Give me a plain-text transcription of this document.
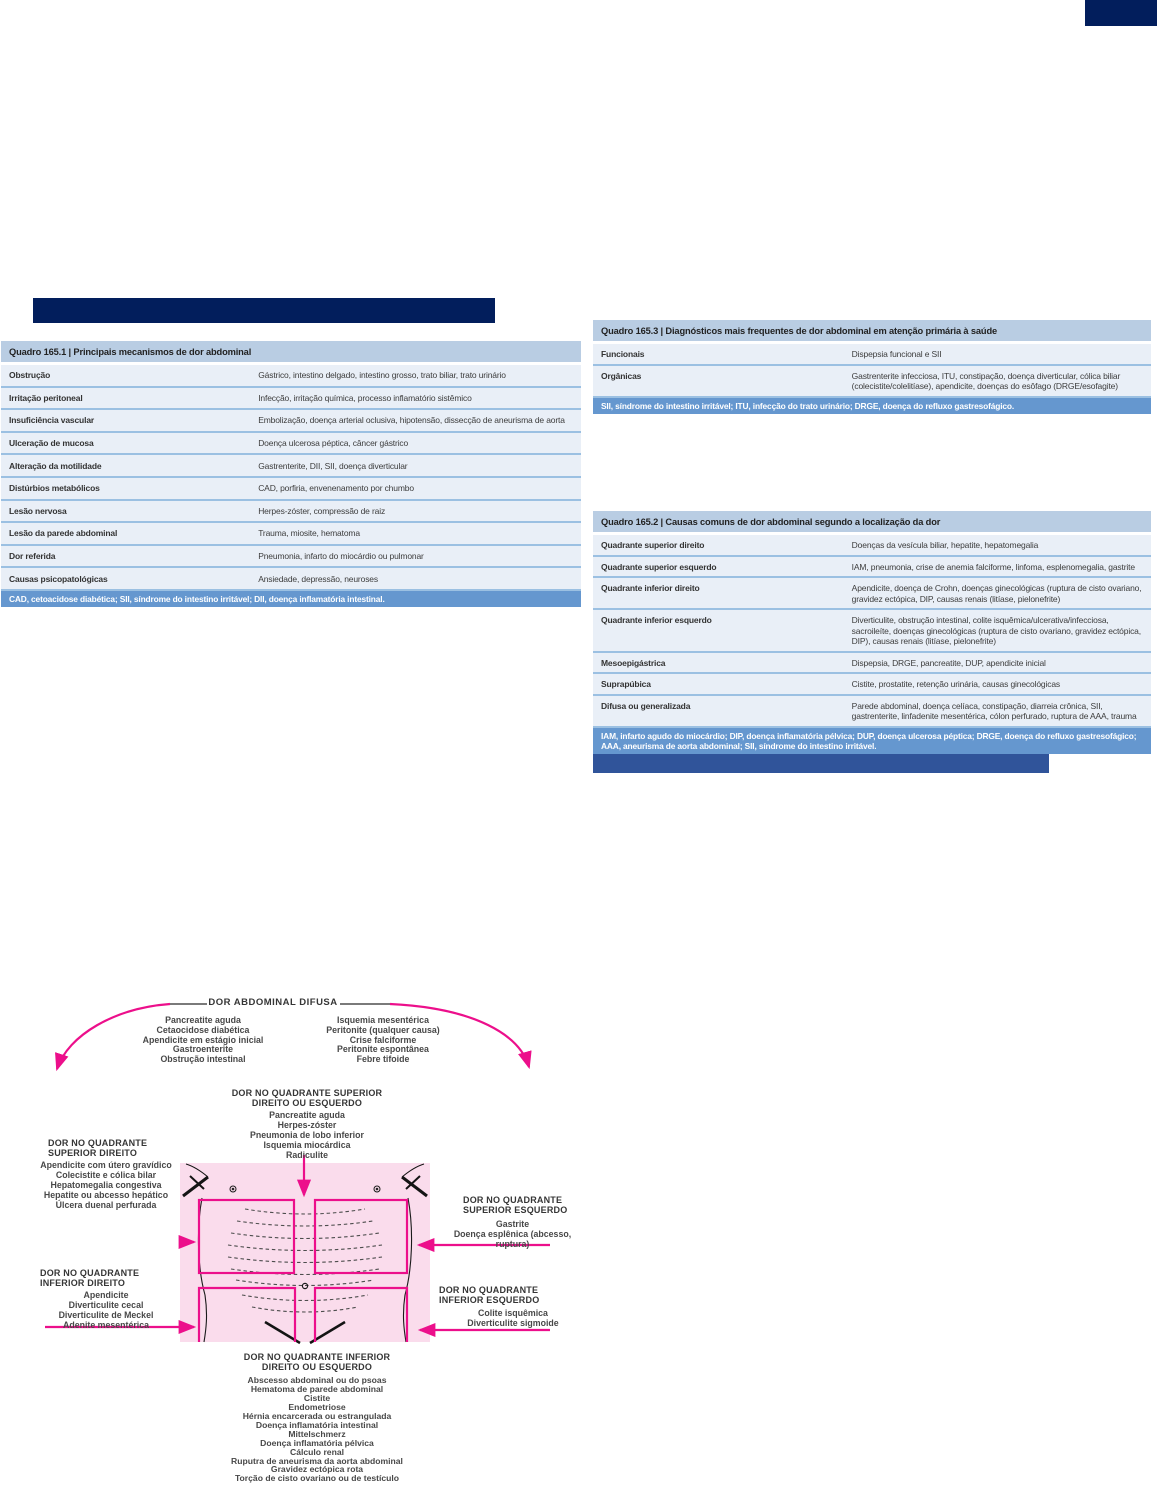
Quadro 165.1 | Principais mecanismos de dor abdominal
Obstrução	Gástrico, intestino delgado, intestino grosso, trato biliar, trato urinário
Irritação peritoneal	Infecção, irritação química, processo inflamatório sistêmico
Insuficiência vascular	Embolização, doença arterial oclusiva, hipotensão, dissecção de aneurisma de aorta
Ulceração de mucosa	Doença ulcerosa péptica, câncer gástrico
Alteração da motilidade	Gastrenterite, DII, SII, doença diverticular
Distúrbios metabólicos	CAD, porfiria, envenenamento por chumbo
Lesão nervosa	Herpes-zóster, compressão de raiz
Lesão da parede abdominal	Trauma, miosite, hematoma
Dor referida	Pneumonia, infarto do miocárdio ou pulmonar
Causas psicopatológicas	Ansiedade, depressão, neuroses
CAD, cetoacidose diabética; SII, síndrome do intestino irritável; DII, doença inflamatória intestinal.
Quadro 165.3 | Diagnósticos mais frequentes de dor abdominal em atenção primária à saúde
Funcionais	Dispepsia funcional e SII
Orgânicas	Gastrenterite infecciosa, ITU, constipação, doença diverticular, cólica biliar (colecistite/colelitíase), apendicite, doenças do esôfago (DRGE/esofagite)
SII, síndrome do intestino irritável; ITU, infecção do trato urinário; DRGE, doença do refluxo gastresofágico.
Quadro 165.2 | Causas comuns de dor abdominal segundo a localização da dor
Quadrante superior direito	Doenças da vesícula biliar, hepatite, hepatomegalia
Quadrante superior esquerdo	IAM, pneumonia, crise de anemia falciforme, linfoma, esplenomegalia, gastrite
Quadrante inferior direito	Apendicite, doença de Crohn, doenças ginecológicas (ruptura de cisto ovariano, gravidez ectópica, DIP, causas renais (litíase, pielonefrite)
Quadrante inferior esquerdo	Diverticulite, obstrução intestinal, colite isquêmica/ulcerativa/infecciosa, sacroileíte, doenças ginecológicas (ruptura de cisto ovariano, gravidez ectópica, DIP), causas renais (litíase, pielonefrite)
Mesoepigástrica	Dispepsia, DRGE, pancreatite, DUP, apendicite inicial
Suprapúbica	Cistite, prostatite, retenção urinária, causas ginecológicas
Difusa ou generalizada	Parede abdominal, doença celíaca, constipação, diarreia crônica, SII, gastrenterite, linfadenite mesentérica, cólon perfurado, ruptura de AAA, trauma
IAM, infarto agudo do miocárdio; DIP, doença inflamatória pélvica; DUP, doença ulcerosa péptica; DRGE, doença do refluxo gastresofágico; AAA, aneurisma de aorta abdominal; SII, síndrome do intestino irritável.
DOR ABDOMINAL DIFUSA
Pancreatite aguda
Cetaocidose diabética
Apendicite em estágio inicial
Gastroenterite
Obstrução intestinal
Isquemia mesentérica
Peritonite (qualquer causa)
Crise falciforme
Peritonite espontânea
Febre tifoide
DOR NO QUADRANTE SUPERIOR
DIREITO OU ESQUERDO
Pancreatite aguda
Herpes-zóster
Pneumonia de lobo inferior
Isquemia miocárdica
Radiculite
DOR NO QUADRANTE
SUPERIOR DIREITO
Apendicite com útero gravídico
Colecistite e cólica bilar
Hepatomegalia congestiva
Hepatite ou abcesso hepático
Úlcera duenal perfurada	DOR NO QUADRANTE
SUPERIOR ESQUERDO
Gastrite
Doença esplênica (abcesso, ruptura)
DOR NO QUADRANTE
INFERIOR DIREITO
Apendicite
Diverticulite cecal
Diverticulite de Meckel
Adenite mesentérica
DOR NO QUADRANTE
INFERIOR ESQUERDO
Colite isquêmica
Diverticulite sigmoide
DOR NO QUADRANTE INFERIOR
DIREITO OU ESQUERDO
Abscesso abdominal ou do psoas
Hematoma de parede abdominal
Cistite
Endometriose
Hérnia encarcerada ou estrangulada
Doença inflamatória intestinal
Mittelschmerz
Doença inflamatória pélvica
Cálculo renal
Ruputra de aneurisma da aorta abdominal
Gravidez ectópica rota
Torção de cisto ovariano ou de testículo
